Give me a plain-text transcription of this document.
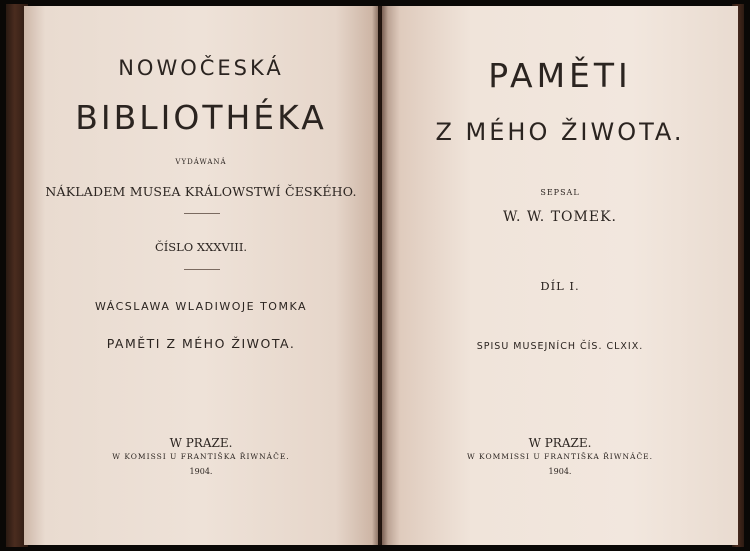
NOWOČESKÁ
BIBLIOTHÉKA
VYDÁWANÁ
NÁKLADEM MUSEA KRÁLOWSTWÍ ČESKÉHO.
ČÍSLO XXXVIII.
WÁCSLAWA WLADIWOJE TOMKA
PAMĚTI Z MÉHO ŽIWOTA.
W PRAZE.
W KOMISSI U FRANTIŠKA ŘIWNÁČE.
1904.
PAMĚTI
Z MÉHO ŽIWOTA.
SEPSAL
W. W. TOMEK.
DÍL I.
SPISU MUSEJNÍCH ČÍS. CLXIX.
W PRAZE.
W KOMMISSI U FRANTIŠKA ŘIWNÁČE.
1904.
